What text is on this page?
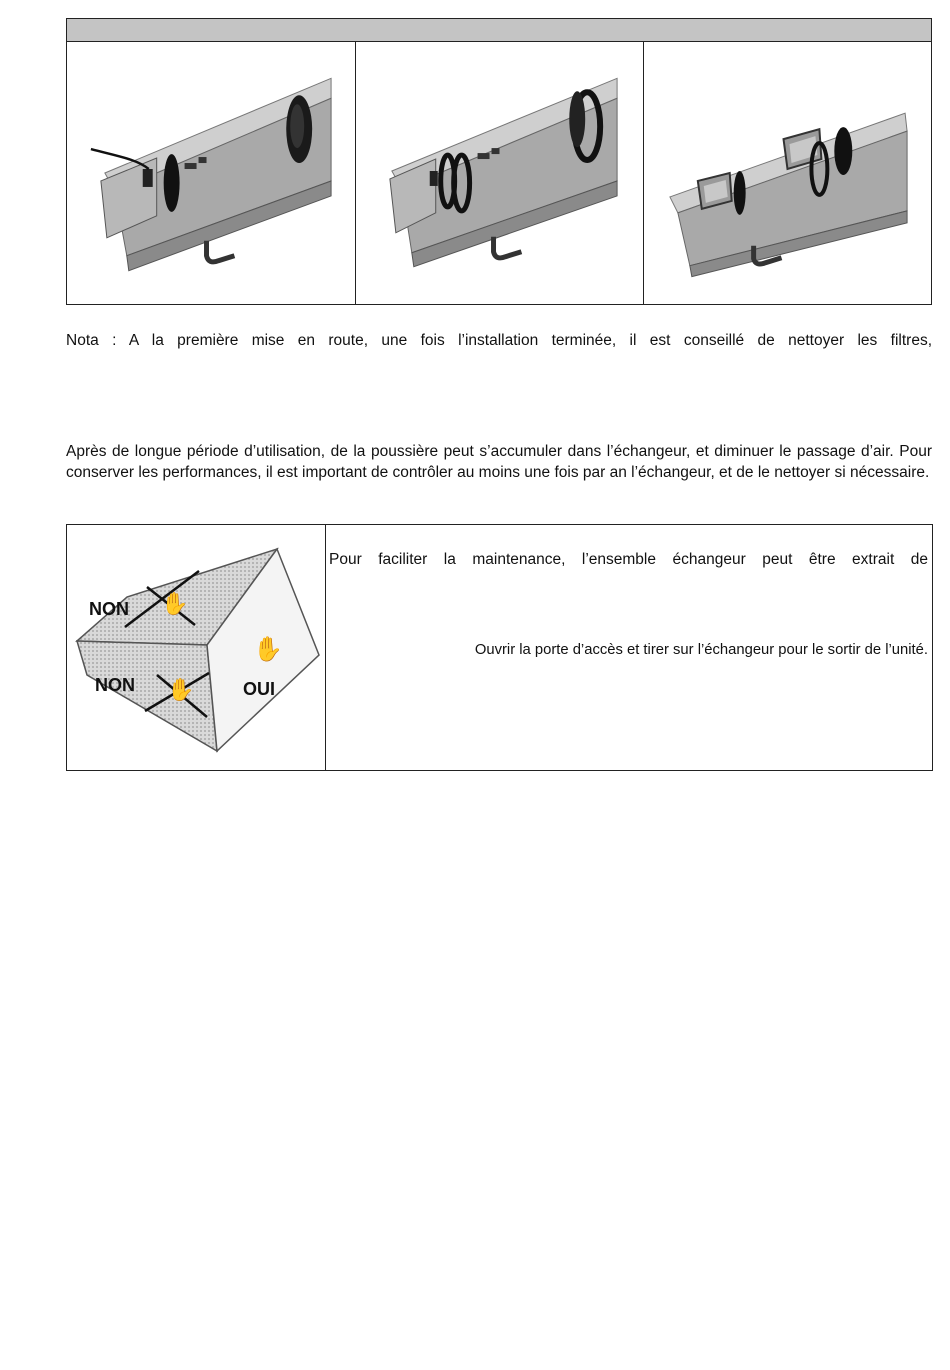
Nota : A la première mise en route, une fois l’installation terminée, il est conseillé de nettoyer les filtres,

Après de longue période d’utilisation, de la poussière peut s’accumuler dans l’échangeur, et diminuer le passage d’air. Pour conserver les performances, il est important de contrôler au moins une fois par an l’échangeur, et de le nettoyer si nécessaire.

✋
✋
✋
NON
NON	OUI

Pour faciliter la maintenance, l’ensemble échangeur peut être extrait de

Ouvrir la porte d’accès et tirer sur l’échangeur pour le sortir de l’unité.
